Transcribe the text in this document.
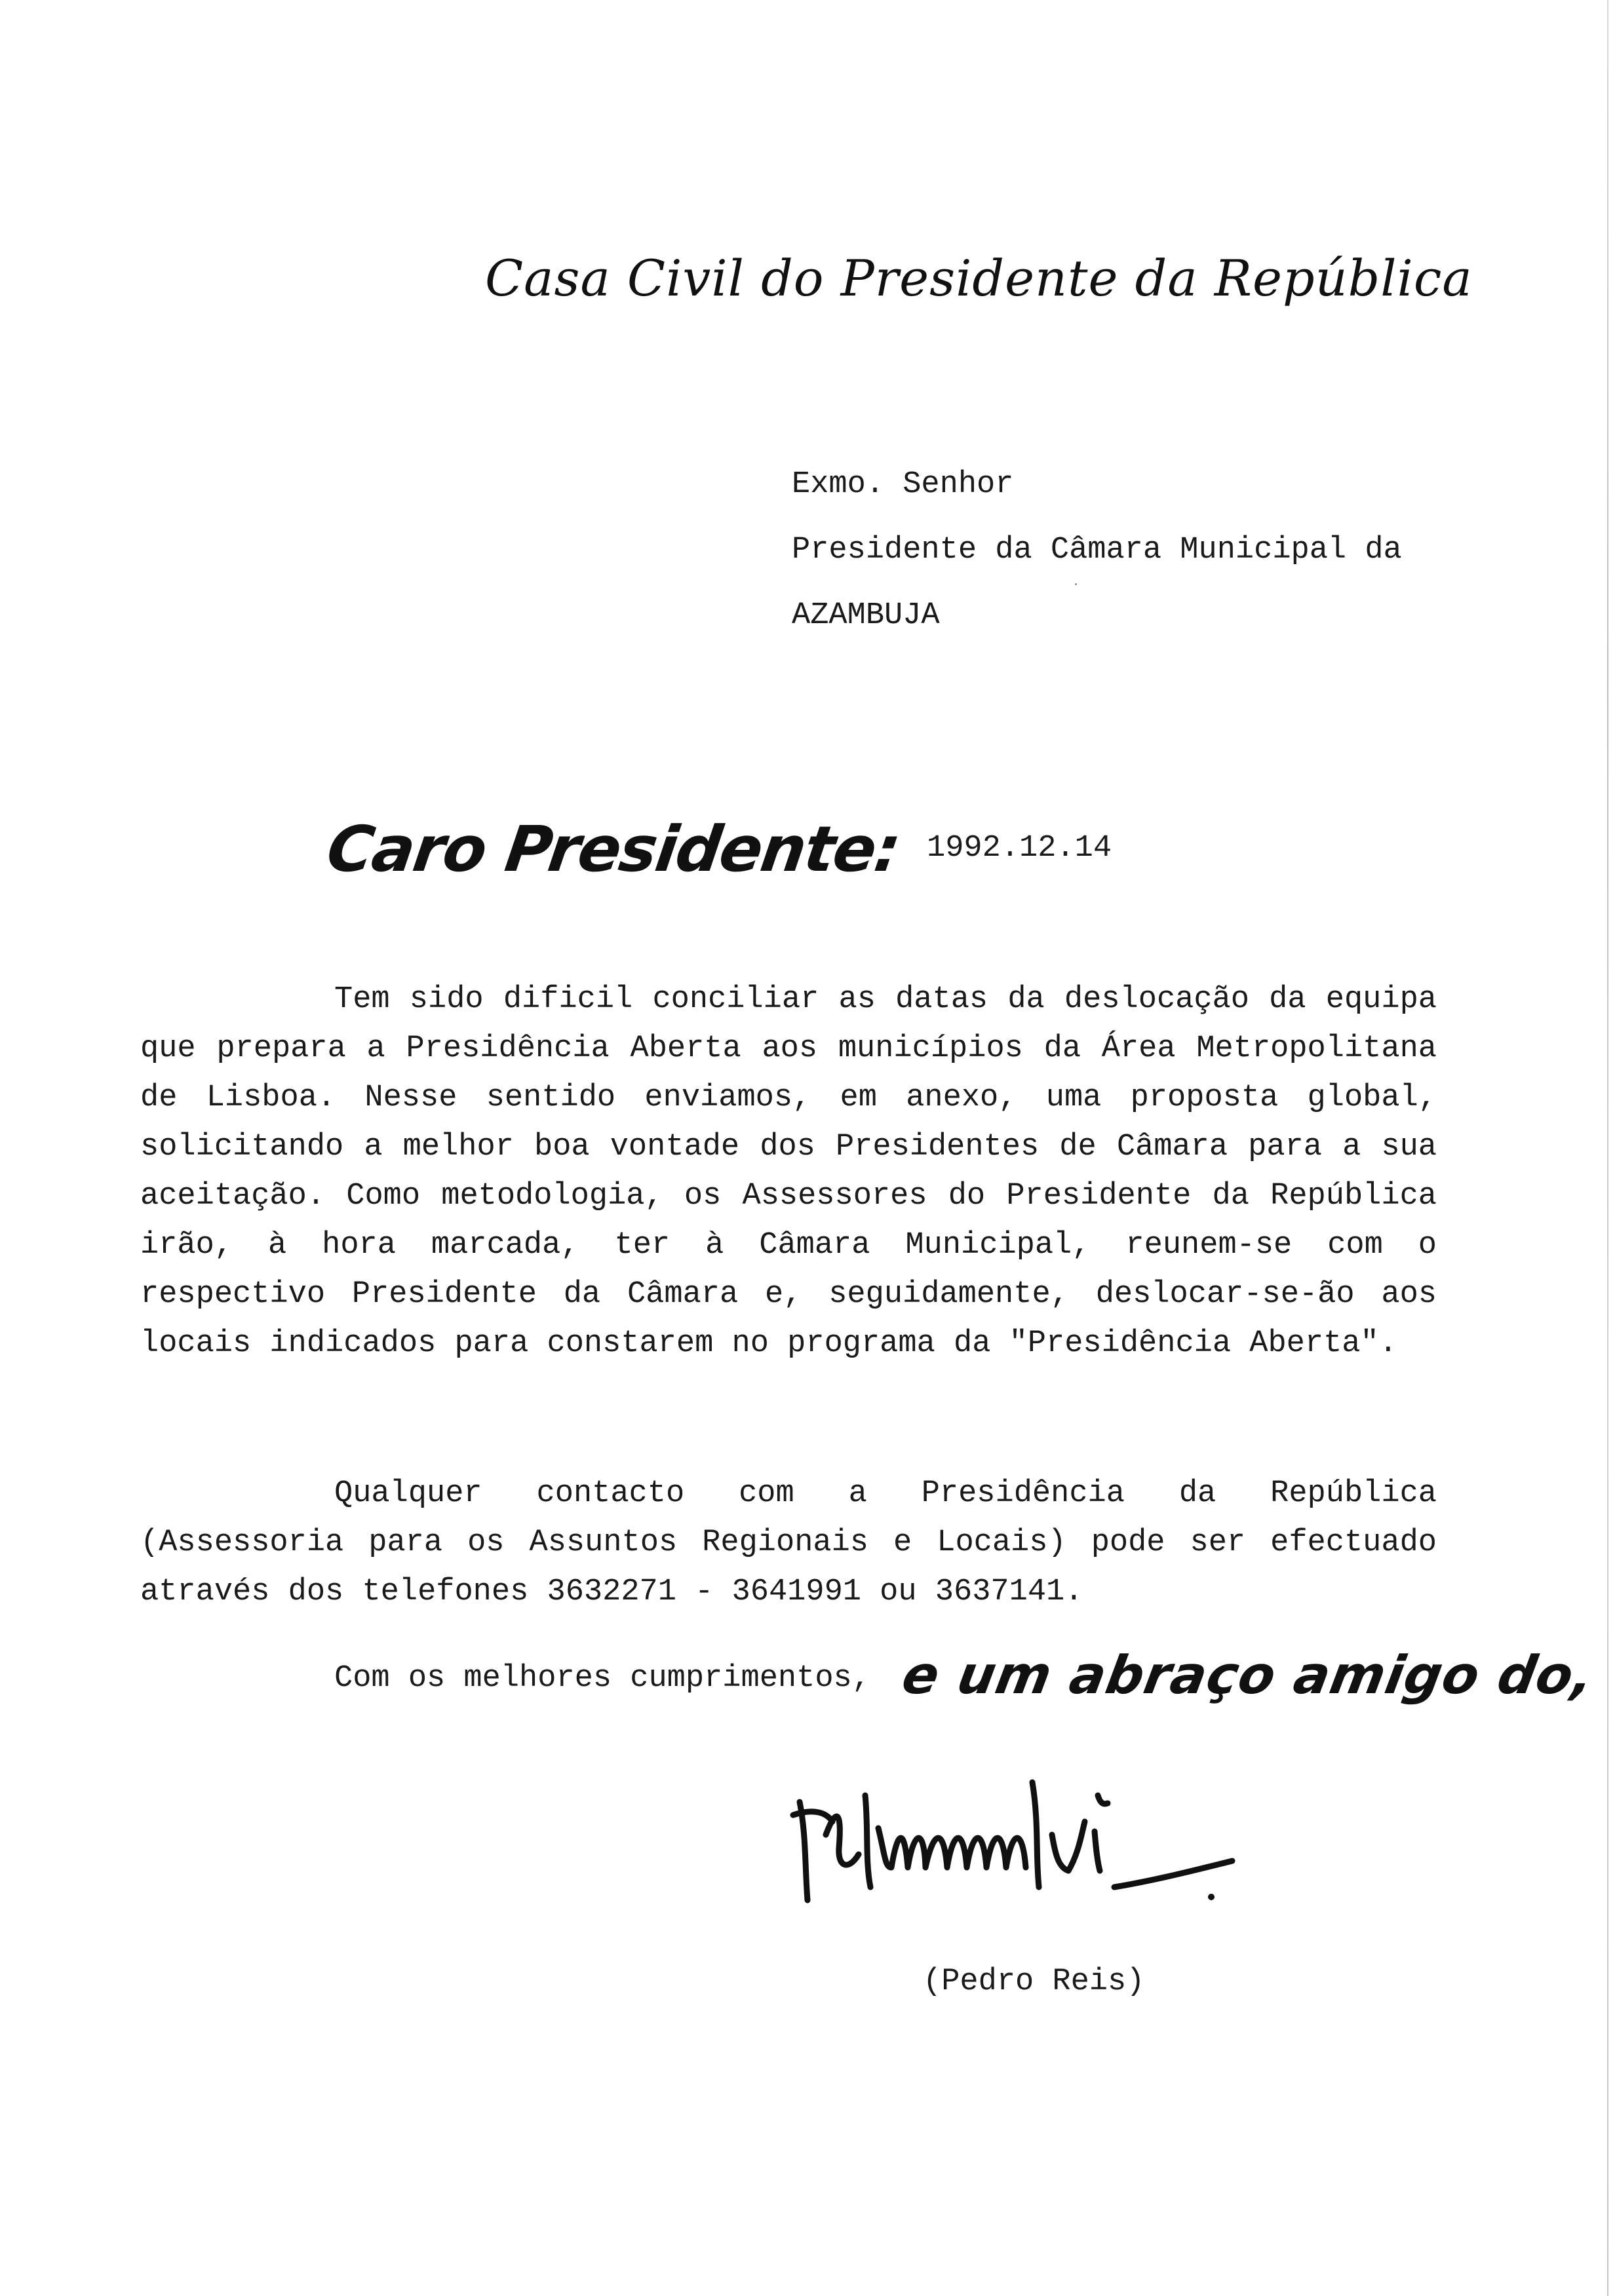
Casa Civil do Presidente da República
Exmo. Senhor
Presidente da Câmara Municipal da
AZAMBUJA
Caro Presidente: 1992.12.14
Tem sido dificil conciliar as datas da deslocação da equipa que prepara a Presidência Aberta aos municípios da Área Metropolitana de Lisboa. Nesse sentido enviamos, em anexo, uma proposta global, solicitando a melhor boa vontade dos Presidentes de Câmara para a sua aceitação. Como metodologia, os Assessores do Presidente da República irão, à hora marcada, ter à Câmara Municipal, reunem-se com o respectivo Presidente da Câmara e, seguidamente, deslocar-se-ão aos locais indicados para constarem no programa da "Presidência Aberta".
Qualquer contacto com a Presidência da República (Assessoria para os Assuntos Regionais e Locais) pode ser efectuado através dos telefones 3632271 - 3641991 ou 3637141.
Com os melhores cumprimentos, e um abraço amigo do,
(Pedro Reis)
